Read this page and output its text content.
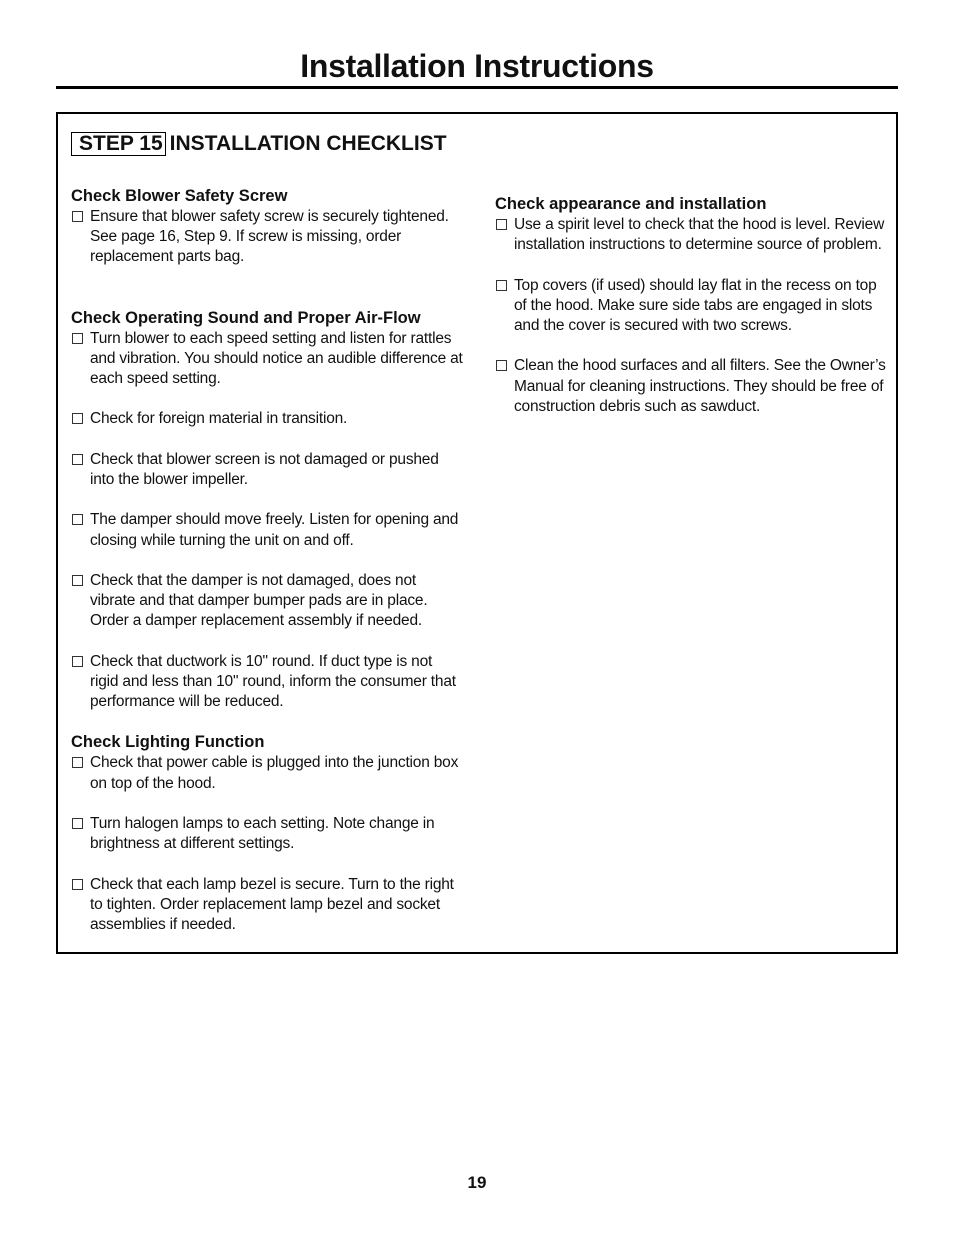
Installation Instructions
STEP 15 INSTALLATION CHECKLIST
Check Blower Safety Screw
Ensure that blower safety screw is securely tightened. See page 16, Step 9. If screw is missing, order replacement parts bag.
Check Operating Sound and Proper Air-Flow
Turn blower to each speed setting and listen for rattles and vibration. You should notice an audible difference at each speed setting.
Check for foreign material in transition.
Check that blower screen is not damaged or pushed into the blower impeller.
The damper should move freely. Listen for opening and closing while turning the unit on and off.
Check that the damper is not damaged, does not vibrate and that damper bumper pads are in place. Order a damper replacement assembly if needed.
Check that ductwork is 10" round. If duct type is not rigid and less than 10" round, inform the consumer that performance will be reduced.
Check Lighting Function
Check that power cable is plugged into the junction box on top of the hood.
Turn halogen lamps to each setting. Note change in brightness at different settings.
Check that each lamp bezel is secure. Turn to the right to tighten. Order replacement lamp bezel and socket assemblies if needed.
Check appearance and installation
Use a spirit level to check that the hood is level. Review installation instructions to determine source of problem.
Top covers (if used) should lay flat in the recess on top of the hood. Make sure side tabs are engaged in slots and the cover is secured with two screws.
Clean the hood surfaces and all filters. See the Owner’s Manual for cleaning instructions. They should be free of construction debris such as sawduct.
19
